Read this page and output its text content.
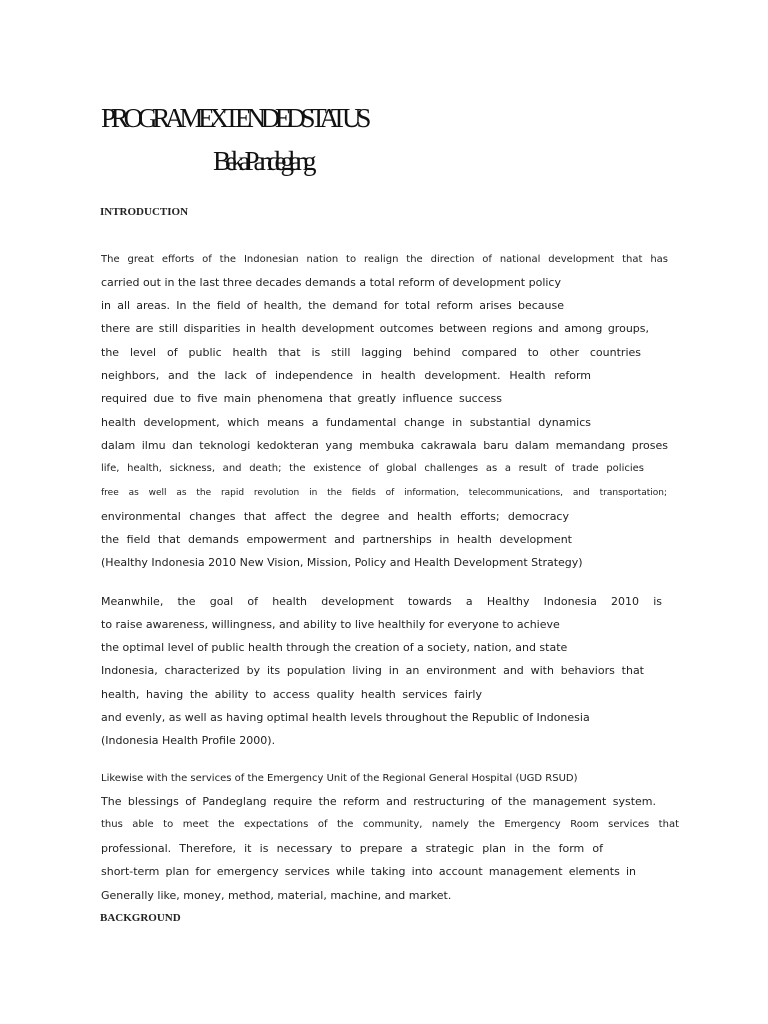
PROGRAMEXTENDEDSTATUS
BekaPandeglang
INTRODUCTION
The great efforts of the Indonesian nation to realign the direction of national development that has
carried out in the last three decades demands a total reform of development policy
in all areas. In the field of health, the demand for total reform arises because
there are still disparities in health development outcomes between regions and among groups,
the level of public health that is still lagging behind compared to other countries
neighbors, and the lack of independence in health development. Health reform
required due to five main phenomena that greatly influence success
health development, which means a fundamental change in substantial dynamics
dalam ilmu dan teknologi kedokteran yang membuka cakrawala baru dalam memandang proses
life, health, sickness, and death; the existence of global challenges as a result of trade policies
free as well as the rapid revolution in the fields of information, telecommunications, and transportation;
environmental changes that affect the degree and health efforts; democracy
the field that demands empowerment and partnerships in health development
(Healthy Indonesia 2010 New Vision, Mission, Policy and Health Development Strategy)
Meanwhile, the goal of health development towards a Healthy Indonesia 2010 is
to raise awareness, willingness, and ability to live healthily for everyone to achieve
the optimal level of public health through the creation of a society, nation, and state
Indonesia, characterized by its population living in an environment and with behaviors that
health, having the ability to access quality health services fairly
and evenly, as well as having optimal health levels throughout the Republic of Indonesia
(Indonesia Health Profile 2000).
Likewise with the services of the Emergency Unit of the Regional General Hospital (UGD RSUD)
The blessings of Pandeglang require the reform and restructuring of the management system.
thus able to meet the expectations of the community, namely the Emergency Room services that
professional. Therefore, it is necessary to prepare a strategic plan in the form of
short-term plan for emergency services while taking into account management elements in
Generally like, money, method, material, machine, and market.
BACKGROUND
